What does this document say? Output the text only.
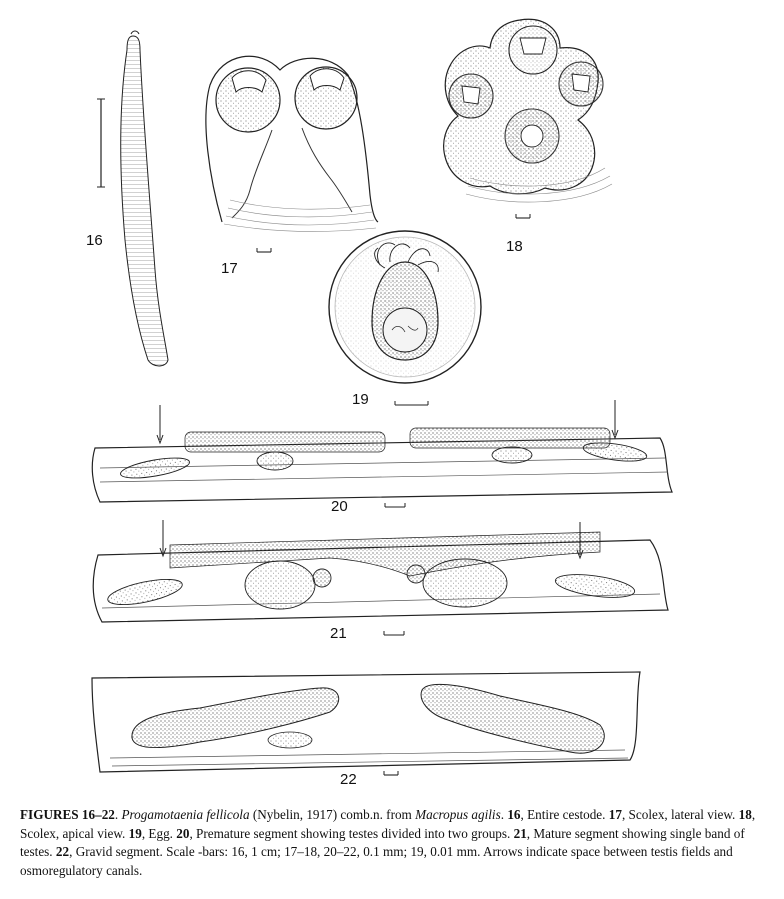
16
17
18
19
20
21
22
FIGURES 16–22. Progamotaenia fellicola (Nybelin, 1917) comb.n. from Macropus agilis. 16, Entire cestode. 17, Scolex, lateral view. 18, Scolex, apical view. 19, Egg. 20, Premature segment showing testes divided into two groups. 21, Mature segment showing single band of testes. 22, Gravid segment. Scale -bars: 16, 1 cm; 17–18, 20–22, 0.1 mm; 19, 0.01 mm. Arrows indicate space between testis fields and osmoregulatory canals.
